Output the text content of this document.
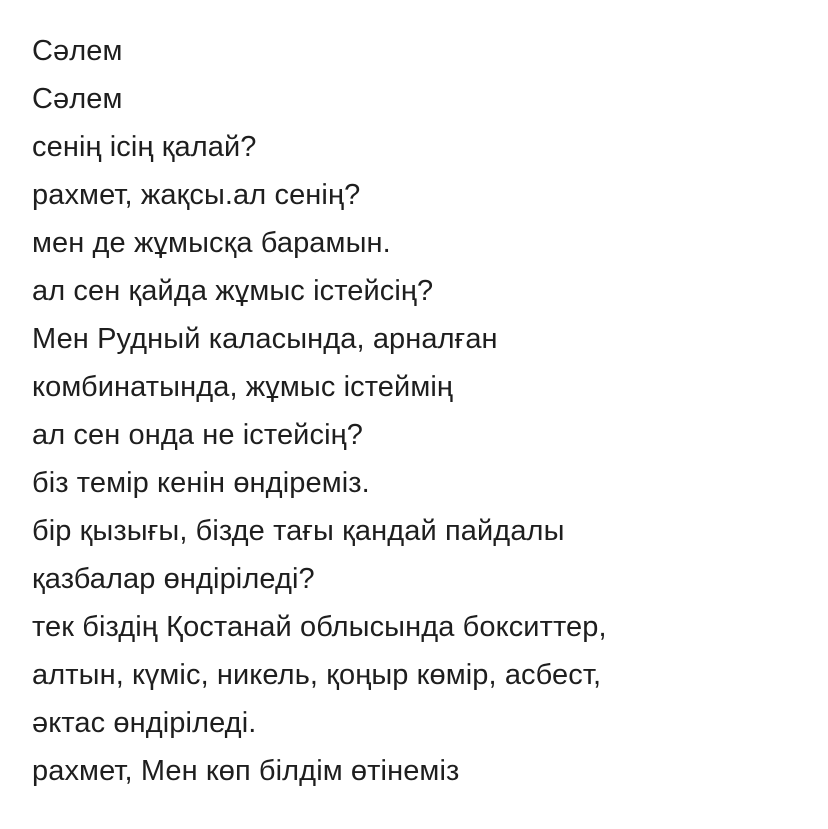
Сәлем
Сәлем
сенің ісің қалай?
рахмет, жақсы.ал сенің?
мен де жұмысқа барамын.
ал сен қайда жұмыс істейсің?
Мен Рудный каласында, арналған
комбинатында, жұмыс істеймің
ал сен онда не істейсің?
біз темір кенін өндіреміз.
бір қызығы, бізде тағы қандай пайдалы
қазбалар өндіріледі?
тек біздің Қостанай облысында бокситтер,
алтын, күміс, никель, қоңыр көмір, асбест,
әктас өндіріледі.
рахмет, Мен көп білдім өтінеміз
